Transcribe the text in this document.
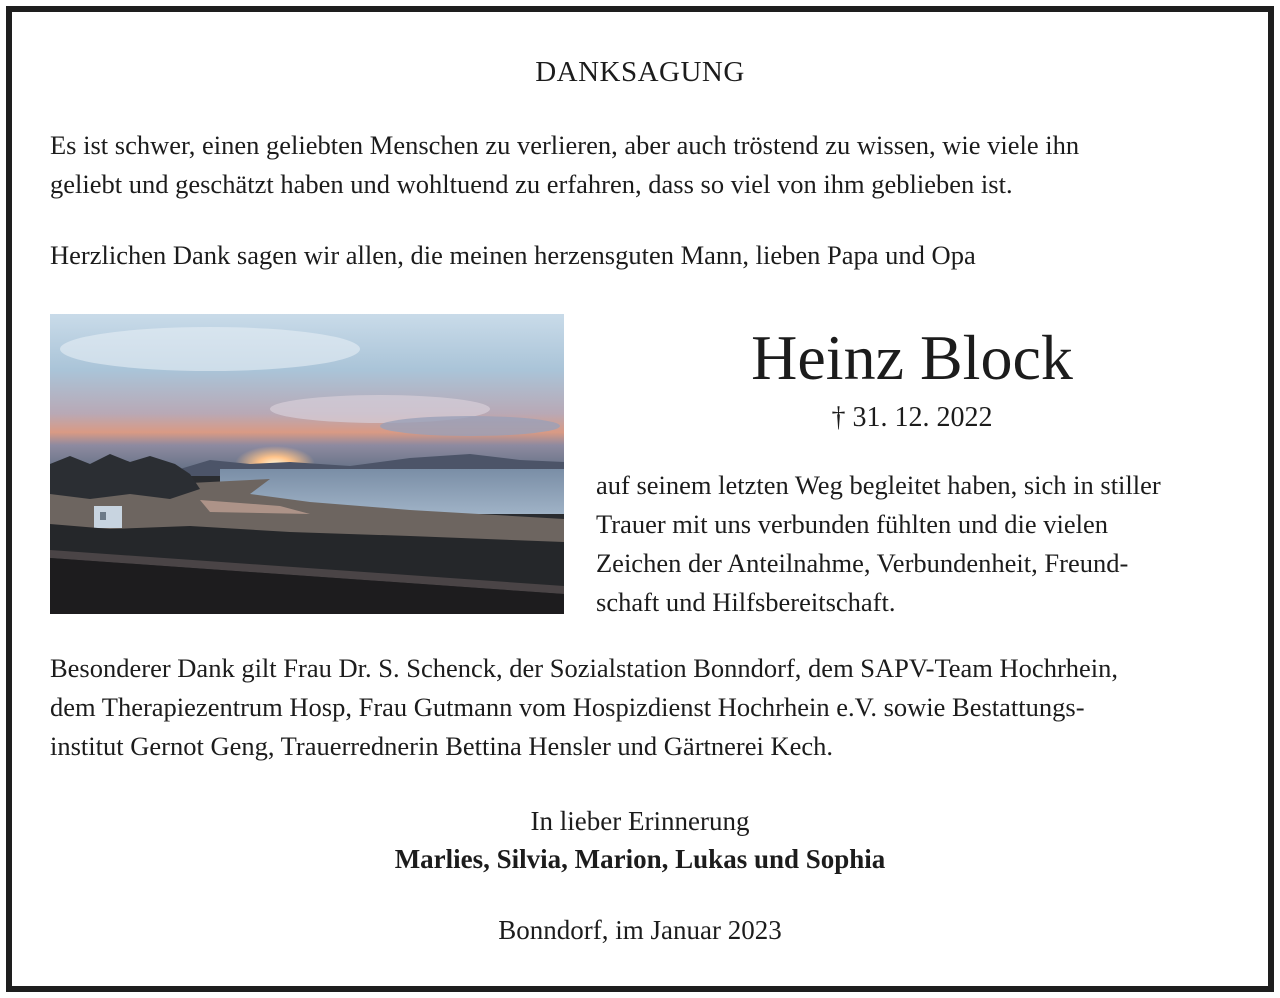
DANKSAGUNG

Es ist schwer, einen geliebten Menschen zu verlieren, aber auch tröstend zu wissen, wie viele ihn
geliebt und geschätzt haben und wohltuend zu erfahren, dass so viel von ihm geblieben ist.
Herzlichen Dank sagen wir allen, die meinen herzensguten Mann, lieben Papa und Opa

Heinz Block

† 31. 12. 2022

auf seinem letzten Weg begleitet haben, sich in stiller
Trauer mit uns verbunden fühlten und die vielen
Zeichen der Anteilnahme, Verbundenheit, Freund-
schaft und Hilfsbereitschaft.
Besonderer Dank gilt Frau Dr. S. Schenck, der Sozialstation Bonndorf, dem SAPV-Team Hochrhein,
dem Therapiezentrum Hosp, Frau Gutmann vom Hospizdienst Hochrhein e.V. sowie Bestattungs-
institut Gernot Geng, Trauerrednerin Bettina Hensler und Gärtnerei Kech.

In lieber Erinnerung

Marlies, Silvia, Marion, Lukas und Sophia

Bonndorf, im Januar 2023
